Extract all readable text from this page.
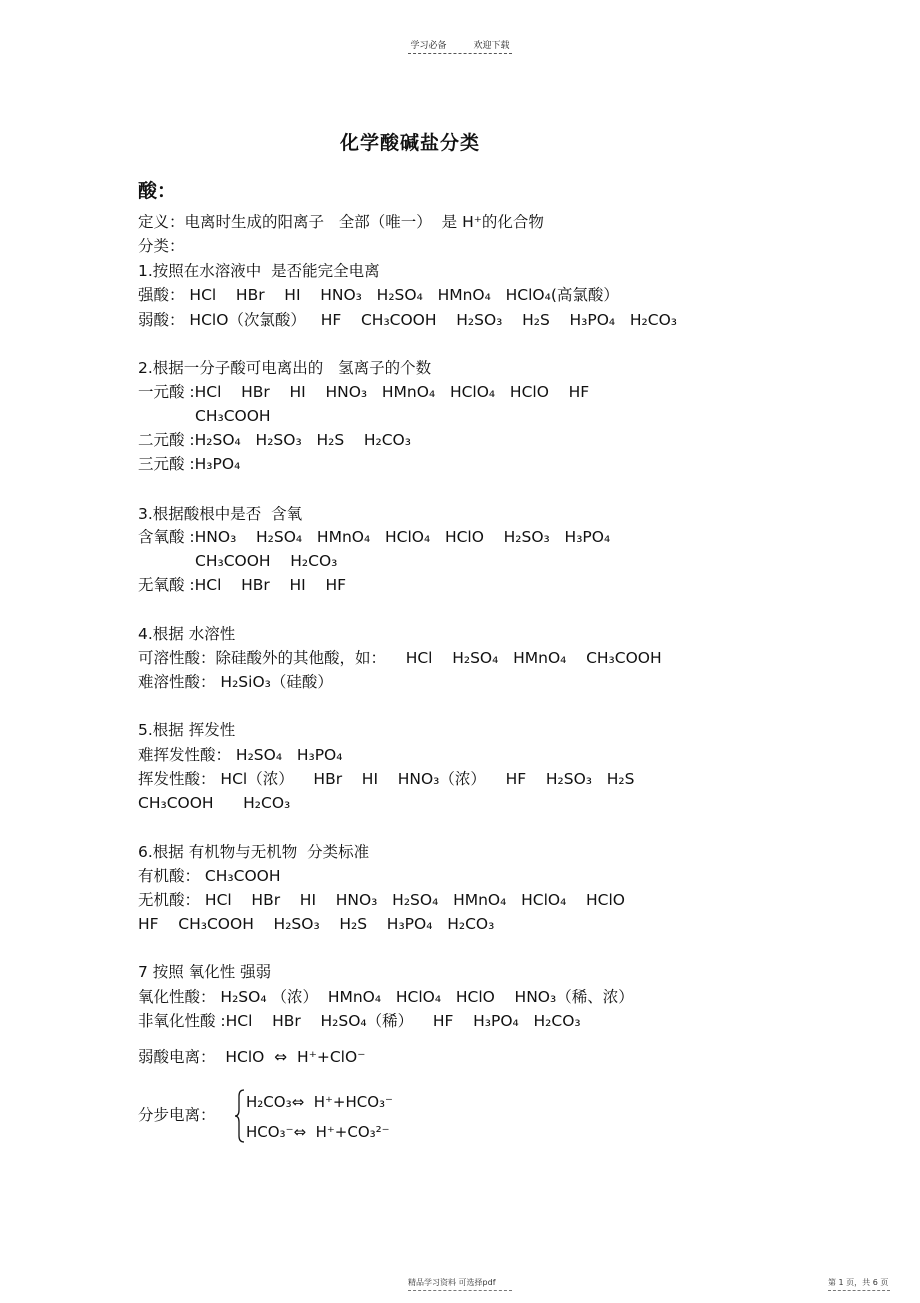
学习必备	欢迎下载
化学酸碱盐分类
酸：
定义：电离时生成的阳离子   全部（唯一）  是 H⁺的化合物
分类：
1.按照在水溶液中  是否能完全电离
强酸： HCl    HBr    HI    HNO₃   H₂SO₄   HMnO₄   HClO₄(高氯酸）
弱酸： HClO（次氯酸）   HF    CH₃COOH    H₂SO₃    H₂S    H₃PO₄   H₂CO₃
2.根据一分子酸可电离出的   氢离子的个数
一元酸 :HCl    HBr    HI    HNO₃   HMnO₄   HClO₄   HClO    HF
CH₃COOH
二元酸 :H₂SO₄   H₂SO₃   H₂S    H₂CO₃
三元酸 :H₃PO₄
3.根据酸根中是否  含氧
含氧酸 :HNO₃    H₂SO₄   HMnO₄   HClO₄   HClO    H₂SO₃   H₃PO₄
CH₃COOH    H₂CO₃
无氧酸 :HCl    HBr    HI    HF
4.根据 水溶性
可溶性酸：除硅酸外的其他酸，如：    HCl    H₂SO₄   HMnO₄    CH₃COOH
难溶性酸： H₂SiO₃（硅酸）
5.根据 挥发性
难挥发性酸： H₂SO₄   H₃PO₄
挥发性酸： HCl（浓）    HBr    HI    HNO₃（浓）    HF    H₂SO₃   H₂S
CH₃COOH      H₂CO₃
6.根据 有机物与无机物  分类标准
有机酸： CH₃COOH
无机酸： HCl    HBr    HI    HNO₃   H₂SO₄   HMnO₄   HClO₄    HClO
HF    CH₃COOH    H₂SO₃    H₂S    H₃PO₄   H₂CO₃
7 按照 氧化性 强弱
氧化性酸： H₂SO₄ （浓）  HMnO₄   HClO₄   HClO    HNO₃（稀、浓）
非氧化性酸 :HCl    HBr    H₂SO₄（稀）    HF    H₃PO₄   H₂CO₃
弱酸电离：  HClO  ⇔  H⁺+ClO⁻
分步电离：
H₂CO₃⇔  H⁺+HCO₃⁻
HCO₃⁻⇔  H⁺+CO₃²⁻
精品学习资料 可选择pdf	第 1 页，共 6 页
